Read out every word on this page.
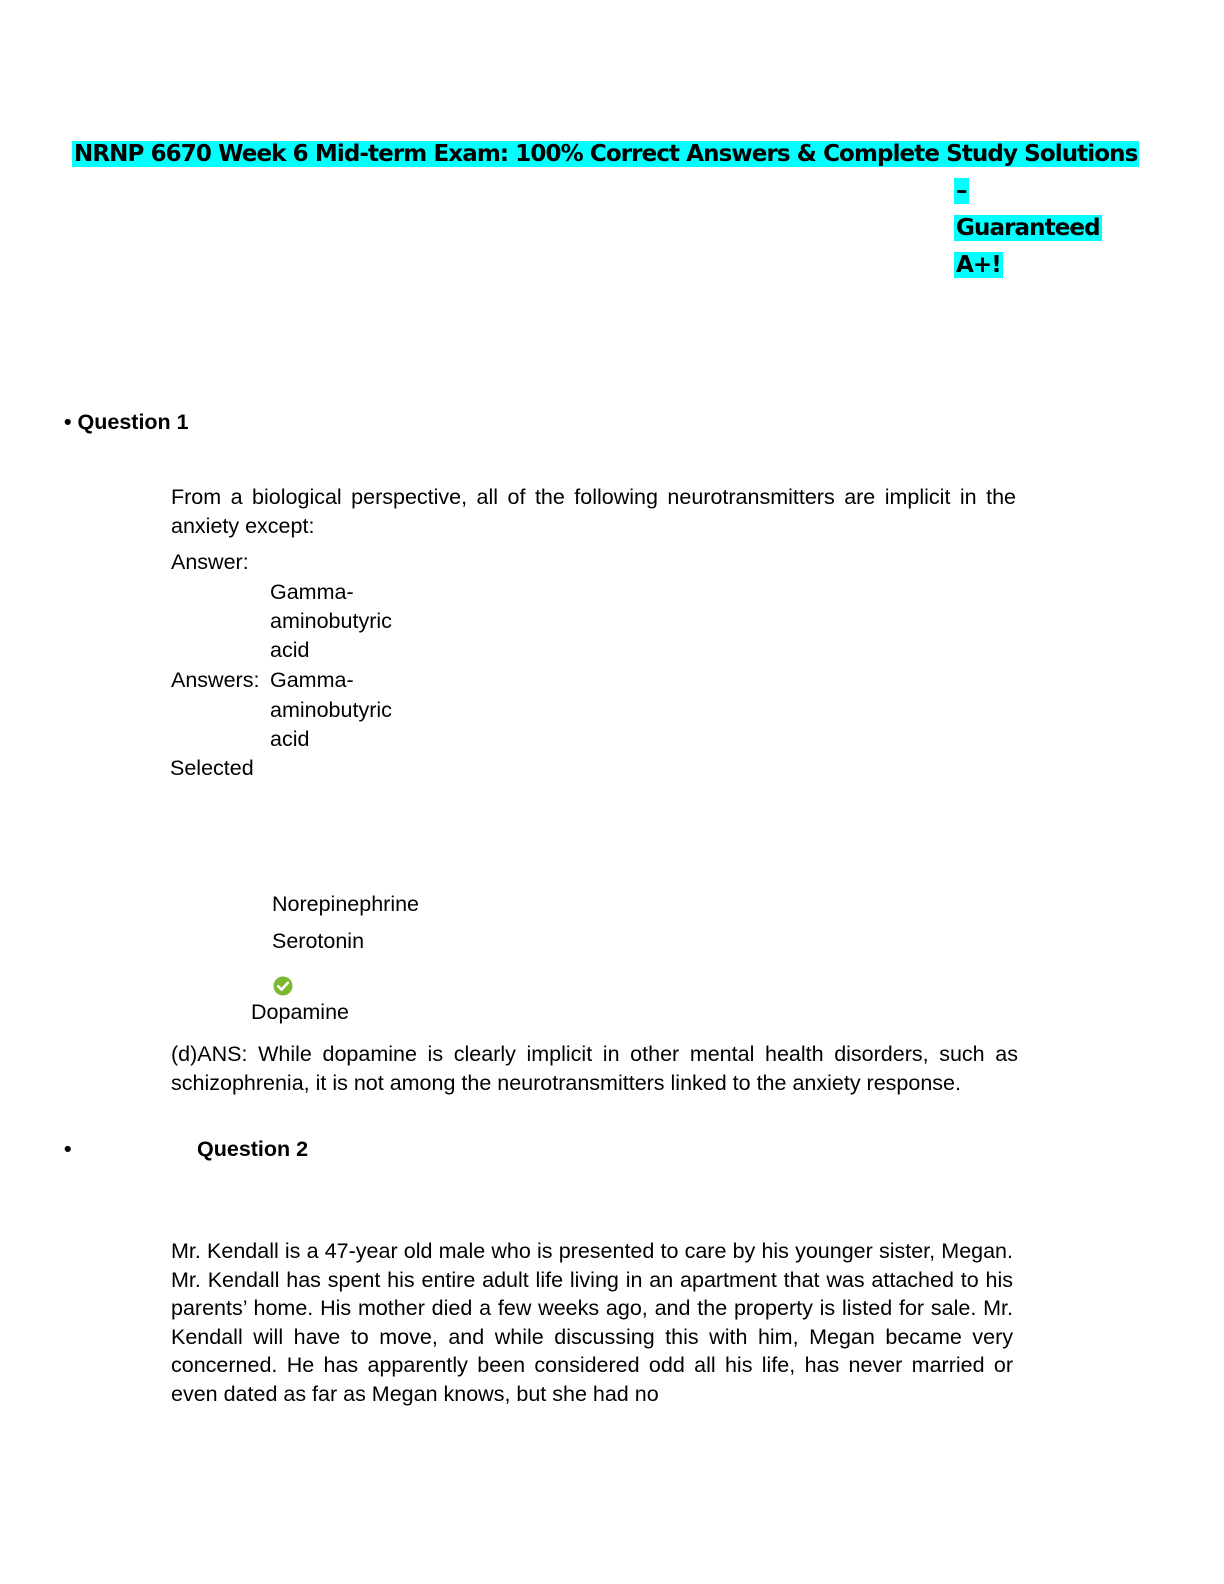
NRNP 6670 Week 6 Mid-term Exam: 100% Correct Answers & Complete Study Solutions
–
Guaranteed
A+!
• Question 1
From a biological perspective, all of the following neurotransmitters are implicit in the anxiety except:
Answer:
Gamma-
aminobutyric
acid
Answers: Gamma-
aminobutyric
acid
Selected
Norepinephrine
Serotonin
Dopamine
(d)ANS: While dopamine is clearly implicit in other mental health disorders, such as schizophrenia, it is not among the neurotransmitters linked to the anxiety response.
•	Question 2
Mr. Kendall is a 47-year old male who is presented to care by his younger sister, Megan. Mr. Kendall has spent his entire adult life living in an apartment that was attached to his parents’ home. His mother died a few weeks ago, and the property is listed for sale. Mr. Kendall will have to move, and while discussing this with him, Megan became very concerned. He has apparently been considered odd all his life, has never married or even dated as far as Megan knows, but she had no
